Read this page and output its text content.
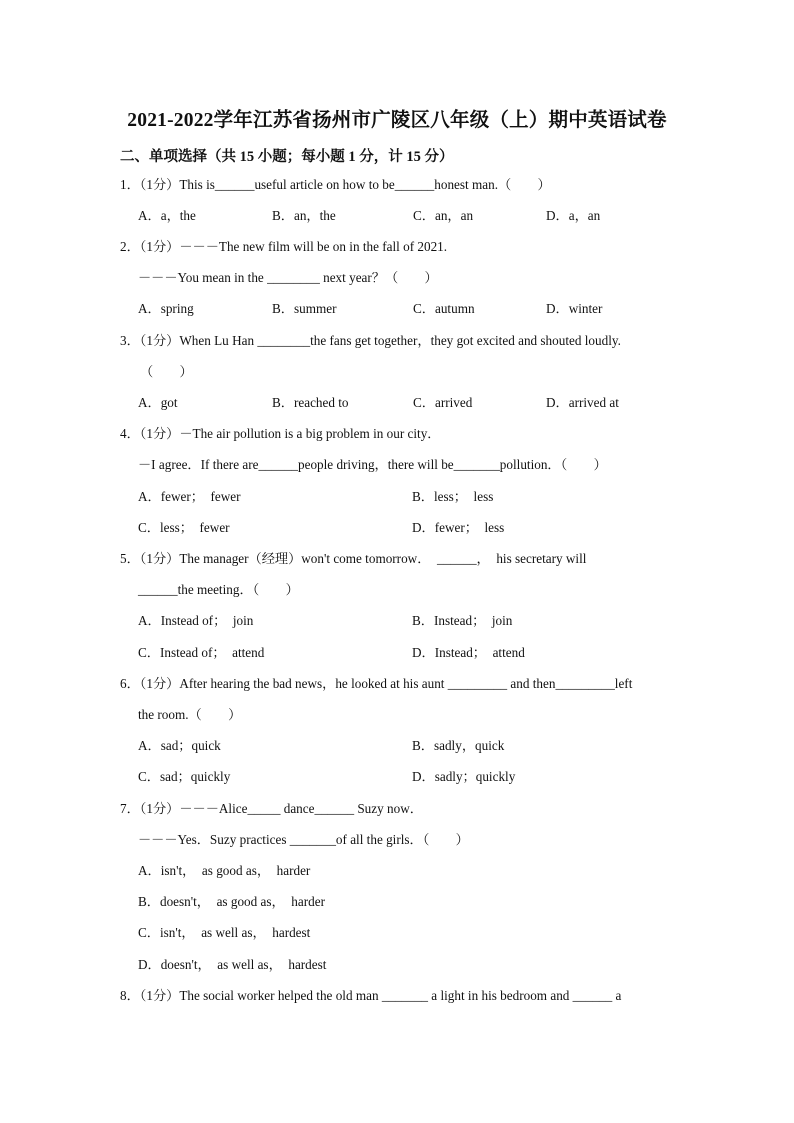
2021-2022学年江苏省扬州市广陵区八年级（上）期中英语试卷
二、单项选择（共 15 小题；每小题 1 分，计 15 分）
1．（1分）This is______useful article on how to be______honest man.（　　）
A．a，the	B．an，the	C．an，an	D．a，an
2．（1分）－－－The new film will be on in the fall of 2021.
－－－You mean in the ________ next year？（　　）
A．spring	B．summer	C．autumn	D．winter
3．（1分）When Lu Han ________the fans get together，they got excited and shouted loudly.
（　　）
A．got	B．reached to	C．arrived	D．arrived at
4．（1分）－The air pollution is a big problem in our city．
－I agree．If there are______people driving，there will be_______pollution．（　　）
A．fewer；  fewer	B．less；  less
C．less；  fewer	D．fewer；  less
5．（1分）The manager（经理）won't come tomorrow．  ______，  his secretary will
______the meeting．（　　）
A．Instead of；  join	B．Instead；  join
C．Instead of；  attend	D．Instead；  attend
6．（1分）After hearing the bad news，he looked at his aunt _________ and then_________left
the room.（　　）
A．sad；quick	B．sadly，quick
C．sad；quickly	D．sadly；quickly
7．（1分）－－－Alice_____ dance______ Suzy now．
－－－Yes．Suzy practices _______of all the girls．（　　）
A．isn't，  as good as，  harder
B．doesn't，  as good as，  harder
C．isn't，  as well as，  hardest
D．doesn't，  as well as，  hardest
8．（1分）The social worker helped the old man _______ a light in his bedroom and ______ a
